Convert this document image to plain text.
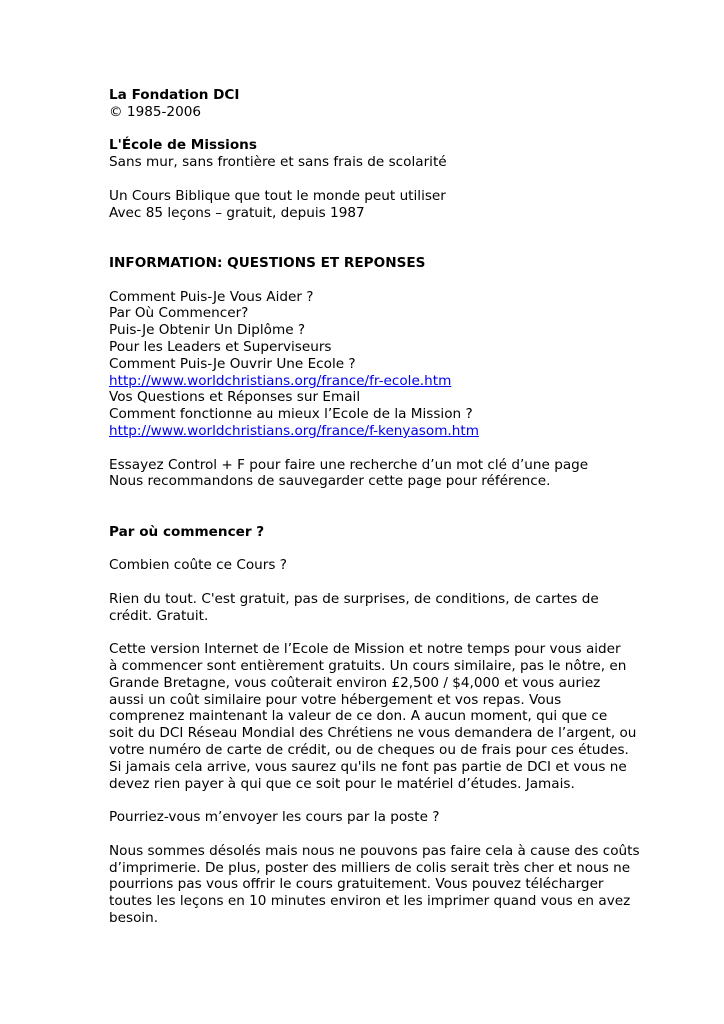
La Fondation DCI
© 1985-2006
L'École de Missions
Sans mur, sans frontière et sans frais de scolarité
Un Cours Biblique que tout le monde peut utiliser
Avec 85 leçons – gratuit, depuis 1987
INFORMATION: QUESTIONS ET REPONSES
Comment Puis-Je Vous Aider ?
Par Où Commencer?
Puis-Je Obtenir Un Diplôme ?
Pour les Leaders et Superviseurs
Comment Puis-Je Ouvrir Une Ecole ?
http://www.worldchristians.org/france/fr-ecole.htm
Vos Questions et Réponses sur Email
Comment fonctionne au mieux l’Ecole de la Mission ?
http://www.worldchristians.org/france/f-kenyasom.htm
Essayez Control + F pour faire une recherche d’un mot clé d’une page
Nous recommandons de sauvegarder cette page pour référence.
Par où commencer ?
Combien coûte ce Cours ?
Rien du tout. C'est gratuit, pas de surprises, de conditions, de cartes de
crédit. Gratuit.
Cette version Internet de l’Ecole de Mission et notre temps pour vous aider
à commencer sont entièrement gratuits. Un cours similaire, pas le nôtre, en
Grande Bretagne, vous coûterait environ £2,500 / $4,000 et vous auriez
aussi un coût similaire pour votre hébergement et vos repas. Vous
comprenez maintenant la valeur de ce don. A aucun moment, qui que ce
soit du DCI Réseau Mondial des Chrétiens ne vous demandera de l’argent, ou
votre numéro de carte de crédit, ou de cheques ou de frais pour ces études.
Si jamais cela arrive, vous saurez qu'ils ne font pas partie de DCI et vous ne
devez rien payer à qui que ce soit pour le matériel d’études. Jamais.
Pourriez-vous m’envoyer les cours par la poste ?
Nous sommes désolés mais nous ne pouvons pas faire cela à cause des coûts
d’imprimerie. De plus, poster des milliers de colis serait très cher et nous ne
pourrions pas vous offrir le cours gratuitement. Vous pouvez télécharger
toutes les leçons en 10 minutes environ et les imprimer quand vous en avez
besoin.
